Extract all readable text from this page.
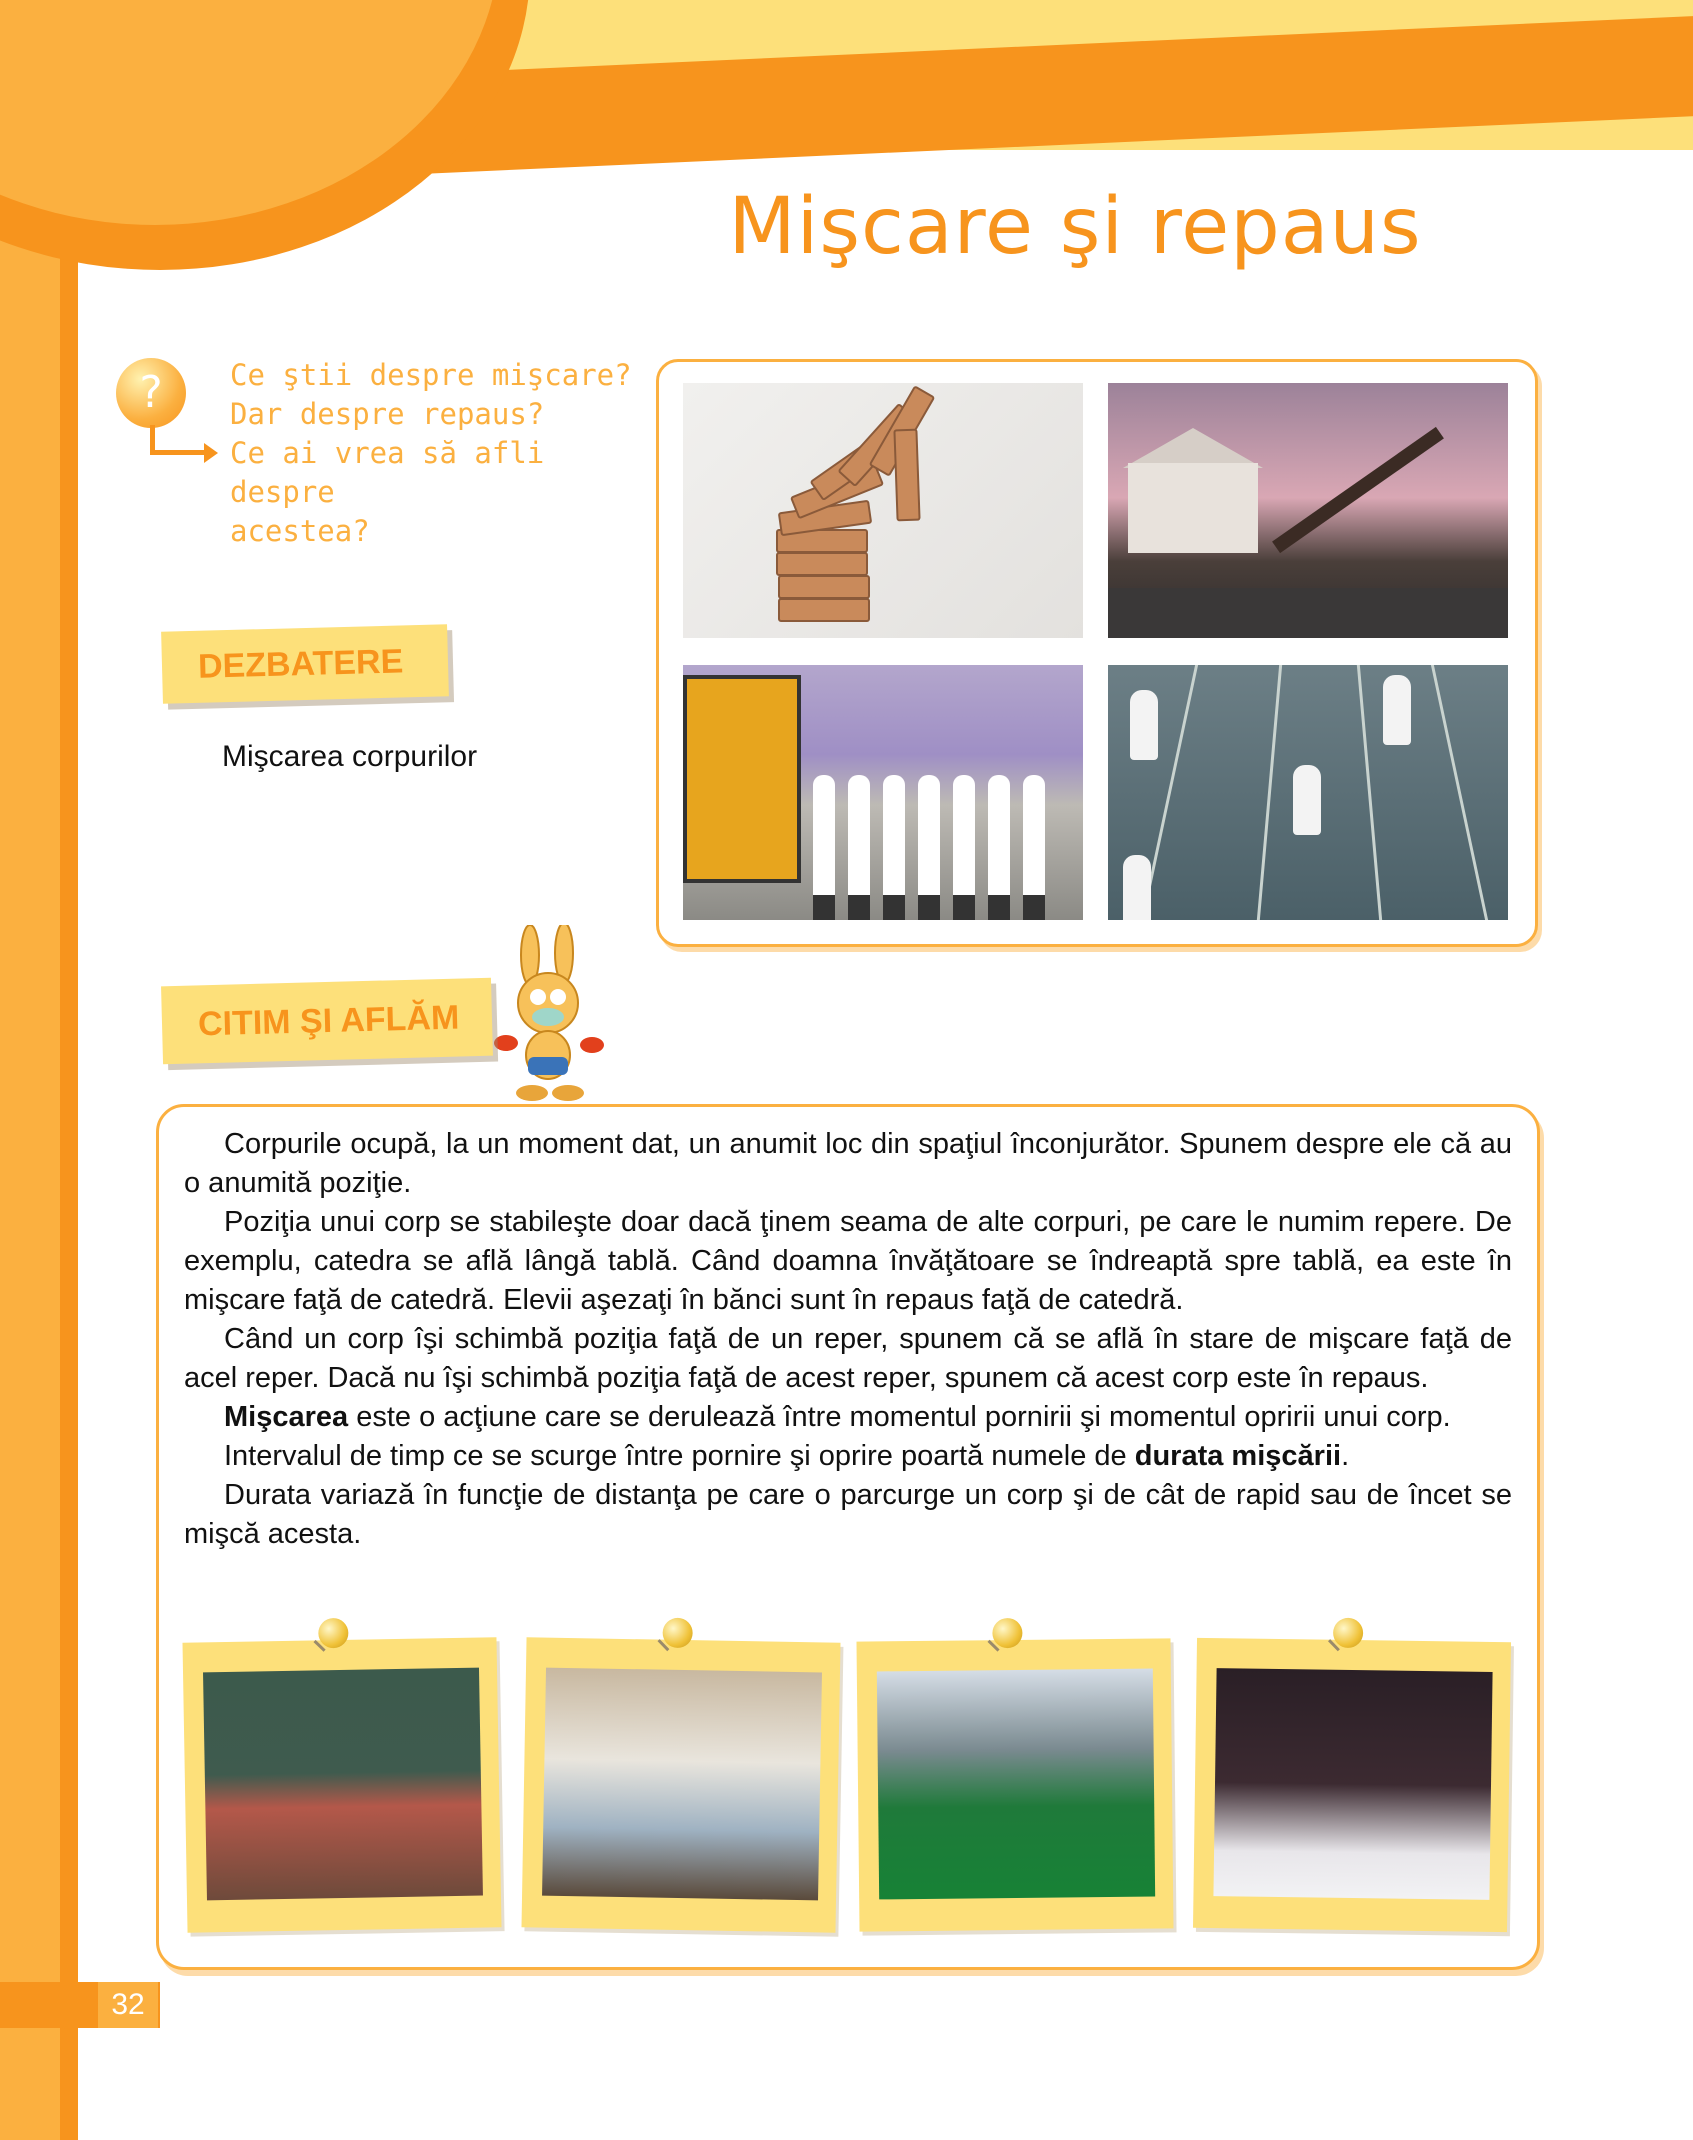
Mişcare şi repaus
?	Ce ştii despre mişcare?
Dar despre repaus?
Ce ai vrea să afli despre
acestea?
DEZBATERE
Mişcarea corpurilor
CITIM ŞI AFLĂM

Corpurile ocupă, la un moment dat, un anumit loc din spaţiul înconjurător. Spunem despre ele că au o anumită poziţie.

Poziţia unui corp se stabileşte doar dacă ţinem seama de alte corpuri, pe care le numim repere. De exemplu, catedra se află lângă tablă. Când doamna învăţătoare se îndreaptă spre tablă, ea este în mişcare faţă de catedră. Elevii aşezaţi în bănci sunt în repaus faţă de catedră.

Când un corp îşi schimbă poziţia faţă de un reper, spunem că se află în stare de mişcare faţă de acel reper. Dacă nu îşi schimbă poziţia faţă de acest reper, spunem că acest corp este în repaus.

Mişcarea este o acţiune care se derulează între momentul pornirii şi momentul opririi unui corp.

Intervalul de timp ce se scurge între pornire şi oprire poartă numele de durata mişcării.

Durata variază în funcţie de distanţa pe care o parcurge un corp şi de cât de rapid sau de încet se mişcă acesta.

32
